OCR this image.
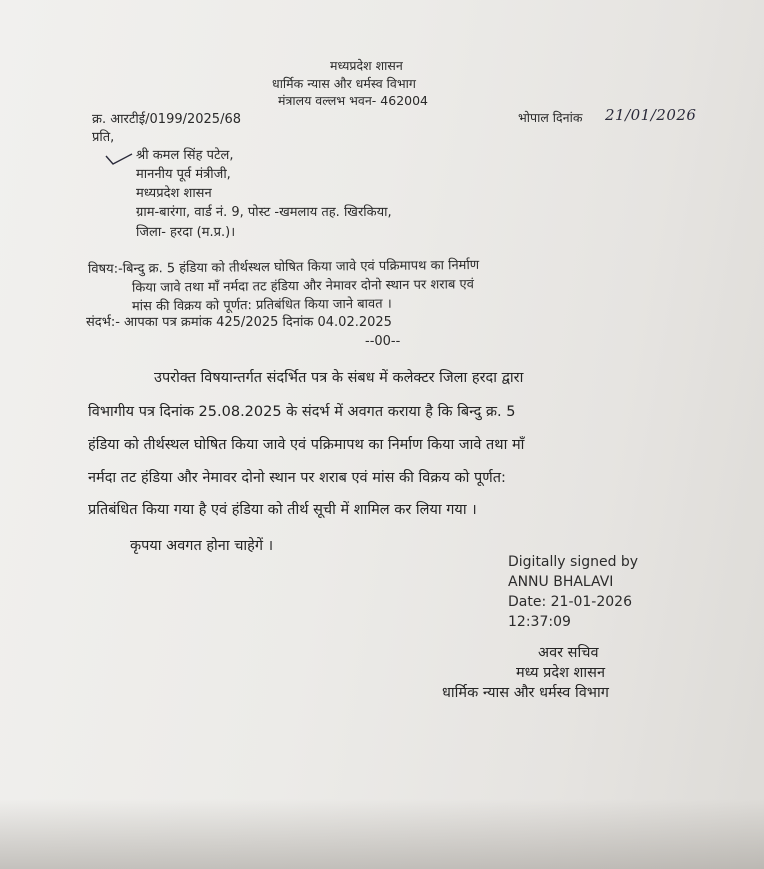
मध्यप्रदेश शासन
धार्मिक न्यास और धर्मस्व विभाग
मंत्रालय वल्लभ भवन- 462004
क्र. आरटीई/0199/2025/68	भोपाल दिनांक 21/01/2026
प्रति,
श्री कमल सिंह पटेल,
माननीय पूर्व मंत्रीजी,
मध्यप्रदेश शासन
ग्राम-बारंगा, वार्ड नं. 9, पोस्ट -खमलाय तह. खिरकिया,
जिला- हरदा (म.प्र.)।
विषय:-बिन्दु क्र. 5 हंडिया को तीर्थस्थल घोषित किया जावे एवं पक्रिमापथ का निर्माण
किया जावे तथा माँ नर्मदा तट हंडिया और नेमावर दोनो स्थान पर शराब एवं
मांस की विक्रय को पूर्णत: प्रतिबंधित किया जाने बावत ।
संदर्भ:- आपका पत्र क्रमांक 425/2025 दिनांक 04.02.2025
--00--
उपरोक्त विषयान्तर्गत संदर्भित पत्र के संबध में कलेक्टर जिला हरदा द्वारा
विभागीय पत्र दिनांक 25.08.2025 के संदर्भ में अवगत कराया है कि बिन्दु क्र. 5
हंडिया को तीर्थस्थल घोषित किया जावे एवं पक्रिमापथ का निर्माण किया जावे तथा माँ
नर्मदा तट हंडिया और नेमावर दोनो स्थान पर शराब एवं मांस की विक्रय को पूर्णत:
प्रतिबंधित किया गया है एवं हंडिया को तीर्थ सूची में शामिल कर लिया गया ।
कृपया अवगत होना चाहेगें ।
Digitally signed by
ANNU BHALAVI
Date: 21-01-2026
12:37:09
अवर सचिव
मध्य प्रदेश शासन
धार्मिक न्यास और धर्मस्व विभाग
